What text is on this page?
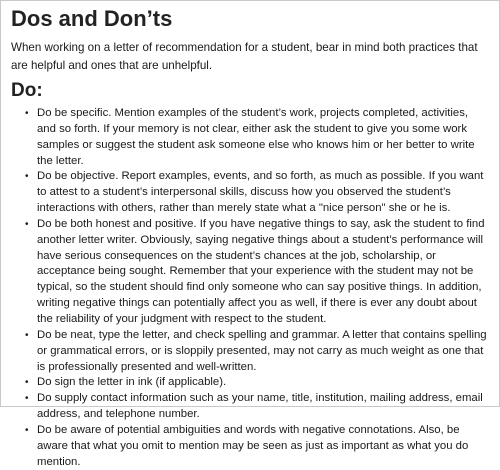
Dos and Don’ts

When working on a letter of recommendation for a student, bear in mind both practices that are helpful and ones that are unhelpful.

Do:
• Do be specific. Mention examples of the student’s work, projects completed, activities, and so forth. If your memory is not clear, either ask the student to give you some work samples or suggest the student ask someone else who knows him or her better to write the letter.
• Do be objective. Report examples, events, and so forth, as much as possible. If you want to attest to a student’s interpersonal skills, discuss how you observed the student’s interactions with others, rather than merely state what a "nice person" she or he is.
• Do be both honest and positive. If you have negative things to say, ask the student to find another letter writer. Obviously, saying negative things about a student’s performance will have serious consequences on the student’s chances at the job, scholarship, or acceptance being sought. Remember that your experience with the student may not be typical, so the student should find only someone who can say positive things. In addition, writing negative things can potentially affect you as well, if there is ever any doubt about the reliability of your judgment with respect to the student.
• Do be neat, type the letter, and check spelling and grammar. A letter that contains spelling or grammatical errors, or is sloppily presented, may not carry as much weight as one that is professionally presented and well-written.
• Do sign the letter in ink (if applicable).
• Do supply contact information such as your name, title, institution, mailing address, email address, and telephone number.
• Do be aware of potential ambiguities and words with negative connotations. Also, be aware that what you omit to mention may be seen as just as important as what you do mention.
